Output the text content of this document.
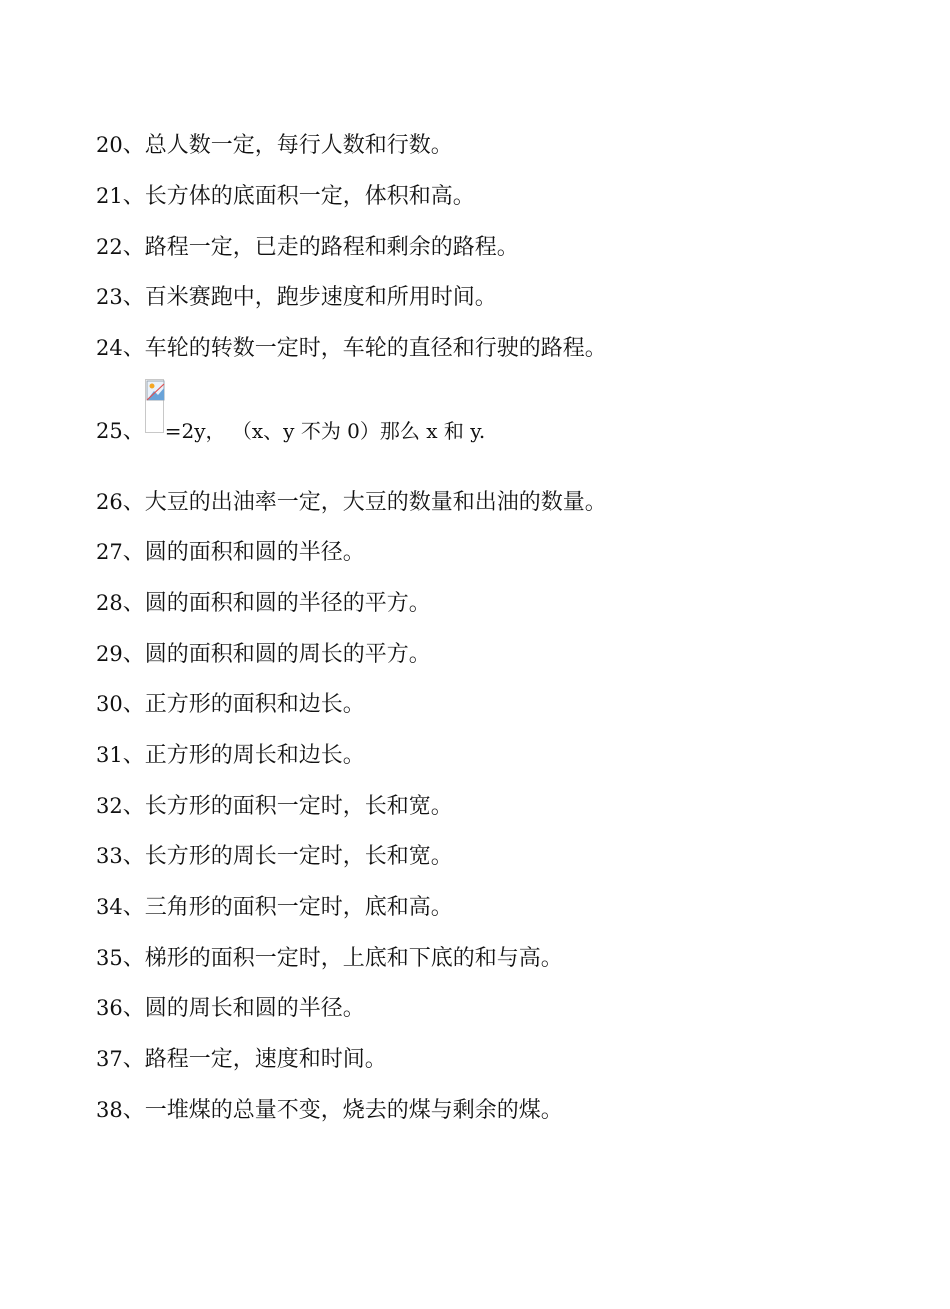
20、总人数一定，每行人数和行数。
21、长方体的底面积一定，体积和高。
22、路程一定，已走的路程和剩余的路程。
23、百米赛跑中，跑步速度和所用时间。
24、车轮的转数一定时，车轮的直径和行驶的路程。
25、 =2y， （x、y 不为 0）那么 x 和 y.
26、大豆的出油率一定，大豆的数量和出油的数量。
27、圆的面积和圆的半径。
28、圆的面积和圆的半径的平方。
29、圆的面积和圆的周长的平方。
30、正方形的面积和边长。
31、正方形的周长和边长。
32、长方形的面积一定时，长和宽。
33、长方形的周长一定时，长和宽。
34、三角形的面积一定时，底和高。
35、梯形的面积一定时，上底和下底的和与高。
36、圆的周长和圆的半径。
37、路程一定，速度和时间。
38、一堆煤的总量不变，烧去的煤与剩余的煤。
